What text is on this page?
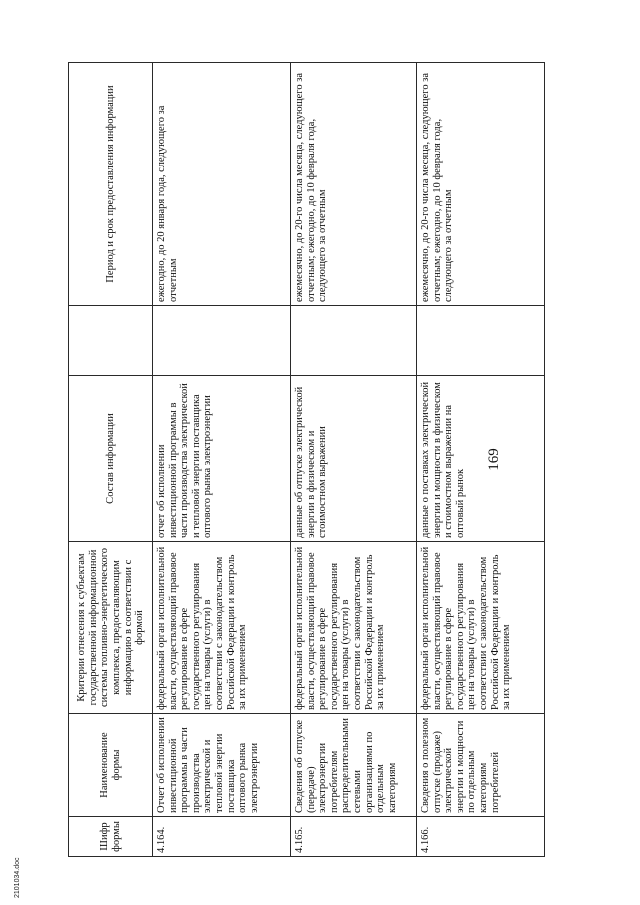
Шифр формы	Наименование формы	Критерии отнесения к субъектам государственной информационной системы топливно-энергетического комплекса, предоставляющим информацию в соответствии с формой	Состав информации		Период и срок предоставления информации
4.164.	Отчет об исполнении инвестиционной программы в части производства электрической и тепловой энергии поставщика оптового рынка электроэнергии	федеральный орган исполнительной власти, осуществляющий правовое регулирование в сфере государственного регулирования цен на товары (услуги) в соответствии с законодательством Российской Федерации и контроль за их применением	отчет об исполнении инвестиционной программы в части производства электрической и тепловой энергии поставщика оптового рынка электроэнергии		ежегодно, до 20 января года, следующего за отчетным
4.165.	Сведения об отпуске (передаче) электроэнергии потребителям распределительными сетевыми организациями по отдельным категориям	федеральный орган исполнительной власти, осуществляющий правовое регулирование в сфере государственного регулирования цен на товары (услуги) в соответствии с законодательством Российской Федерации и контроль за их применением	данные об отпуске электрической энергии в физическом и стоимостном выражении		ежемесячно, до 20-го числа месяца, следующего за отчетным; ежегодно, до 10 февраля года, следующего за отчетным
4.166.	Сведения о полезном отпуске (продаже) электрической энергии и мощности по отдельным категориям потребителей	федеральный орган исполнительной власти, осуществляющий правовое регулирование в сфере государственного регулирования цен на товары (услуги) в соответствии с законодательством Российской Федерации и контроль за их применением	данные о поставках электрической энергии и мощности в физическом и стоимостном выражении на оптовый рынок		ежемесячно, до 20-го числа месяца, следующего за отчетным; ежегодно, до 10 февраля года, следующего за отчетным
169
2101034.doc
